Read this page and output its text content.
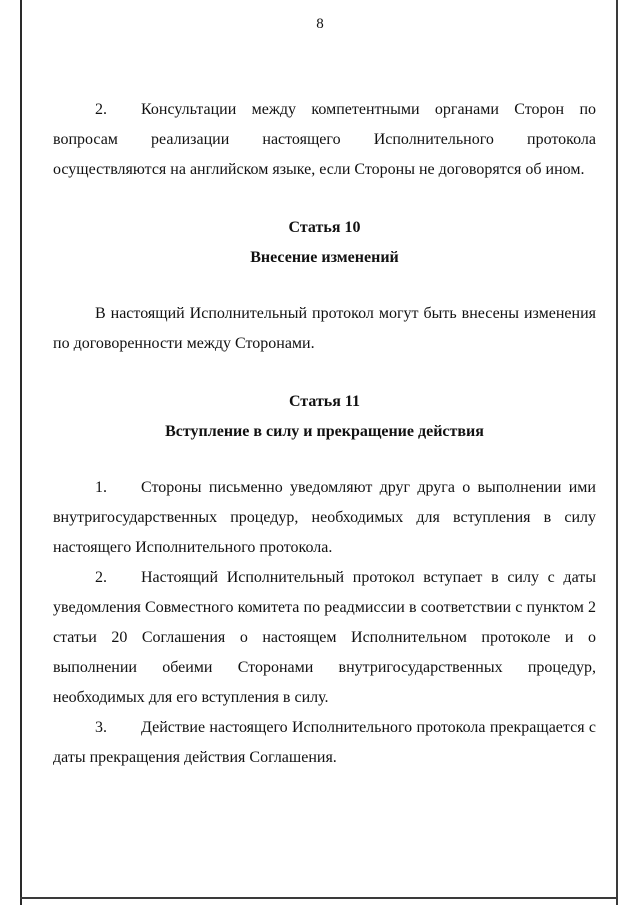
8

2. Консультации между компетентными органами Сторон по вопросам реализации настоящего Исполнительного протокола осуществляются на английском языке, если Стороны не договорятся об ином.

Статья 10
Внесение изменений

В настоящий Исполнительный протокол могут быть внесены изменения по договоренности между Сторонами.

Статья 11
Вступление в силу и прекращение действия

1. Стороны письменно уведомляют друг друга о выполнении ими внутригосударственных процедур, необходимых для вступления в силу настоящего Исполнительного протокола.

2. Настоящий Исполнительный протокол вступает в силу с даты уведомления Совместного комитета по реадмиссии в соответствии с пунктом 2 статьи 20 Соглашения о настоящем Исполнительном протоколе и о выполнении обеими Сторонами внутригосударственных процедур, необходимых для его вступления в силу.

3. Действие настоящего Исполнительного протокола прекращается с даты прекращения действия Соглашения.
